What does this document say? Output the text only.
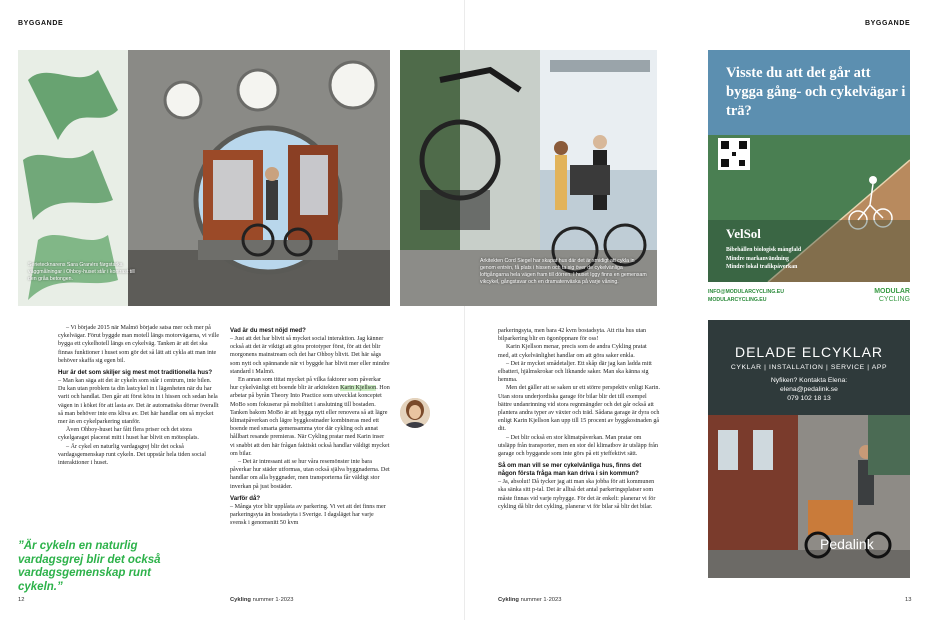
BYGGANDE
Serietecknarens Sara Granérs färgstarka väggmålningar i Ohboy-huset står i kontrast till den gråa betongen.

– Vi började 2015 när Malmö började satsa mer och mer på cykelvägar. Förut byggde man motell längs motorvägarna, vi ville bygga ett cykelhotell längs en cykelväg. Tanken är att det ska finnas funktioner i huset som gör det så lätt att cykla att man inte behöver skaffa sig egen bil.

Hur är det som skiljer sig mest mot traditionella hus?

– Man kan säga att det är cykeln som står i centrum, inte bilen. Du kan utan problem ta din lastcykel in i lägenheten när du har varit och handlat. Den går att först köra in i hissen och sedan hela vägen in i köket för att lasta av. Det är automatiska dörrar överallt så man behöver inte ens kliva av. Det här handlar om så mycket mer än en cykelparkering utanför.

Även Ohboy-huset har fått flera priser och det stora cykelgaraget placerat mitt i huset har blivit en mötesplats.

– Är cykel en naturlig vardagsgrej blir det också vardagsgemenskap runt cykeln. Det uppstår hela tiden social interaktioner i huset.

”Är cykeln en naturlig vardagsgrej blir det också vardagsgemenskap runt cykeln.”
Vad är du mest nöjd med?

– Just att det har blivit så mycket social interaktion. Jag känner också att det är viktigt att göra prototyper först, för att det blir morgonens mainstream och det har Ohboy blivit. Det här sågs som nytt och spännande när vi byggde har blivit mer eller mindre standard i Malmö.

En annan som tittat mycket på vilka faktorer som påverkar hur cykelvänligt ett boende blir är arkitekten Karin Kjellson. Hon arbetar på byrån Theory Into Practice som utvecklat konceptet MoBo som fokuserar på mobilitet i anslutning till bostaden. Tanken bakom MoBo är att bygga nytt eller renovera så att lägre klimatpåverkan och lägre byggkostnader kombineras med ett boende med smarta gemensamma ytor där cykling och annat hållbart resande premieras. När Cykling pratar med Karin inser vi snabbt att den här frågan faktiskt också handlar väldigt mycket om bilar.

– Det är intressant att se hur våra resemönster inte bara påverkar hur städer utformas, utan också själva byggnaderna. Det handlar om alla byggnader, men transporterna får väldigt stor inverkan på just bostäder.

Varför då?

– Många ytor blir upplåsta av parkering. Vi vet att det finns mer parkeringsyta än bostadsyta i Sverige. I dagsläget har varje svensk i genomsnitt 50 kvm

12	Cykling nummer 1·2023
BYGGANDE
Arkitekten Cord Siegel har skapat hus där det är smidigt att cykla in genom entrén, få plats i hissen och ta sig över de cykelvänliga loftgångarna hela vägen fram till dörren. I huset Iggy finns en gemensam vikcykel, gångstavar och en dramatenväska på varje våning.

parkeringsyta, men bara 42 kvm bostadsyta. Att rita hus utan bilparkering blir en ögonöppnare för oss!

Karin Kjellson menar, precis som de andra Cykling pratat med, att cykelvänlighet handlar om att göra saker enkla.

– Det är mycket smådetaljer. Ett skåp där jag kan ladda mitt elbatteri, hjälmskrokar och liknande saker. Man ska känna sig hemma.

Men det gäller att se saken ur ett större perspektiv enligt Karin. Utan stora underjordiska garage för bilar blir det till exempel bättre undanrinning vid stora regnmängder och det går också att plantera andra typer av växter och träd. Sådana garage är dyra och enligt Karin Kjellson kan upp till 15 procent av byggkostnaden gå dit.

– Det blir också en stor klimatpåverkan. Man pratar om utsläpp från transporter, men en stor del klimatbov är utsläpp från garage och byggande som inte görs på ett yteffektivt sätt.

Så om man vill se mer cykelvänliga hus, finns det någon första fråga man kan driva i sin kommun?

– Ja, absolut! Då tycker jag att man ska jobba för att kommunen ska sänka sitt p-tal. Det är alltså det antal parkeringsplatser som måste finnas vid varje nybygge. För det är enkelt: planerar vi för cykling då blir det cykling, planerar vi för bilar så blir det bilar.

Cykling nummer 1·2023	13
Visste du att det går att bygga gång- och cykelvägar i trä?
VelSol
Bibehållen biologisk mångfald
Mindre markanvändning
Mindre lokal trafikpåverkan
INFO@MODULARCYCLING.EU
MODULARCYCLING.EU
MODULAR
CYCLING
DELADE ELCYKLAR
CYKLAR | INSTALLATION | SERVICE | APP
Nyfiken? Kontakta Elena:
elena@pedalink.se
079 102 18 13
Pedalink
